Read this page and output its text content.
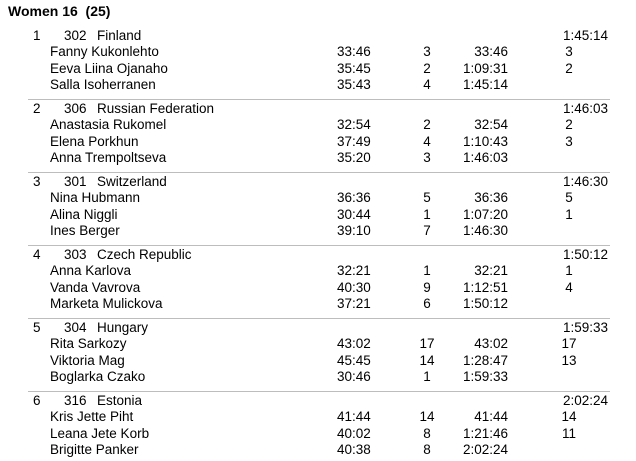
Women 16  (25)
1 302 Finland	1:45:14
Fanny Kukonlehto	33:46	3	33:46	3
Eeva Liina Ojanaho	35:45	2	1:09:31	2
Salla Isoherranen	35:43	4	1:45:14
2 306 Russian Federation	1:46:03
Anastasia Rukomel	32:54	2	32:54	2
Elena Porkhun	37:49	4	1:10:43	3
Anna Trempoltseva	35:20	3	1:46:03
3 301 Switzerland	1:46:30
Nina Hubmann	36:36	5	36:36	5
Alina Niggli	30:44	1	1:07:20	1
Ines Berger	39:10	7	1:46:30
4 303 Czech Republic	1:50:12
Anna Karlova	32:21	1	32:21	1
Vanda Vavrova	40:30	9	1:12:51	4
Marketa Mulickova	37:21	6	1:50:12
5 304 Hungary	1:59:33
Rita Sarkozy	43:02	17	43:02	17
Viktoria Mag	45:45	14	1:28:47	13
Boglarka Czako	30:46	1	1:59:33
6 316 Estonia	2:02:24
Kris Jette Piht	41:44	14	41:44	14
Leana Jete Korb	40:02	8	1:21:46	11
Brigitte Panker	40:38	8	2:02:24
